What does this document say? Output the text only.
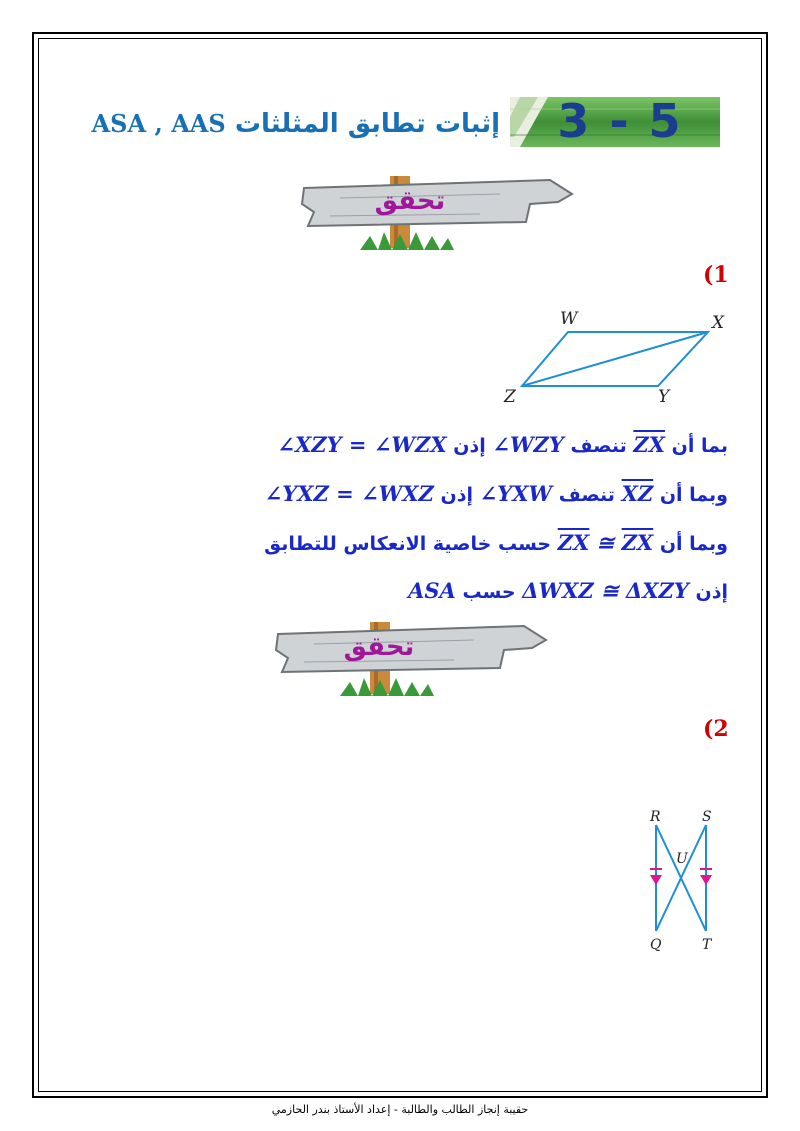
3 - 5
إثبات تطابق المثلثات ASA , AAS
تحقق
(1
W	X
Z	Y
بما أن $\overline{ZX}$ تنصف ∠WZY إذن ∠XZY = ∠WZX
وبما أن $\overline{XZ}$ تنصف ∠YXW إذن ∠YXZ = ∠WXZ
وبما أن $\overline{ZX}$ ≅ $\overline{ZX}$ حسب خاصية الانعكاس للتطابق
إذن ΔWXZ ≅ ΔXZY حسب ASA
تحقق
(2
R	S
U
Q	T
حقيبة إنجاز الطالب والطالبة - إعداد الأستاذ بندر الحازمي
